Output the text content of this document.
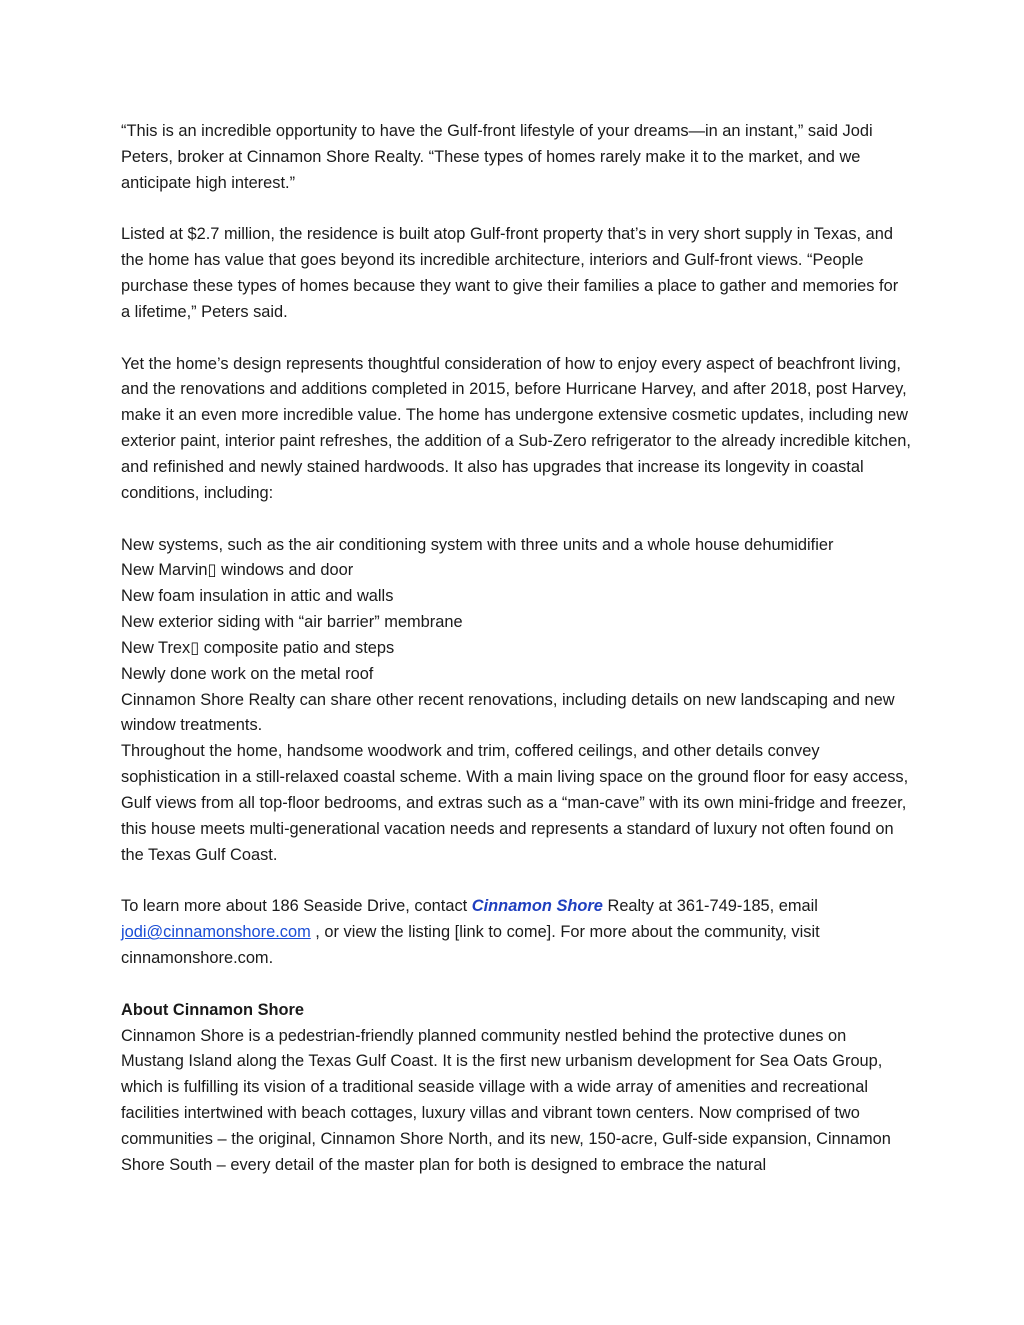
“This is an incredible opportunity to have the Gulf-front lifestyle of your dreams—in an instant,” said Jodi Peters, broker at Cinnamon Shore Realty. “These types of homes rarely make it to the market, and we anticipate high interest.”

Listed at $2.7 million, the residence is built atop Gulf-front property that’s in very short supply in Texas, and the home has value that goes beyond its incredible architecture, interiors and Gulf-front views. “People purchase these types of homes because they want to give their families a place to gather and memories for a lifetime,” Peters said.

Yet the home’s design represents thoughtful consideration of how to enjoy every aspect of beachfront living, and the renovations and additions completed in 2015, before Hurricane Harvey, and after 2018, post Harvey, make it an even more incredible value. The home has undergone extensive cosmetic updates, including new exterior paint, interior paint refreshes, the addition of a Sub-Zero refrigerator to the already incredible kitchen, and refinished and newly stained hardwoods. It also has upgrades that increase its longevity in coastal conditions, including:

New systems, such as the air conditioning system with three units and a whole house dehumidifier

New Marvin▯ windows and door

New foam insulation in attic and walls

New exterior siding with “air barrier” membrane

New Trex▯ composite patio and steps

Newly done work on the metal roof

Cinnamon Shore Realty can share other recent renovations, including details on new landscaping and new window treatments.

Throughout the home, handsome woodwork and trim, coffered ceilings, and other details convey sophistication in a still-relaxed coastal scheme. With a main living space on the ground floor for easy access, Gulf views from all top-floor bedrooms, and extras such as a “man-cave” with its own mini-fridge and freezer, this house meets multi-generational vacation needs and represents a standard of luxury not often found on the Texas Gulf Coast.

To learn more about 186 Seaside Drive, contact Cinnamon Shore Realty at 361-749-185, email jodi@cinnamonshore.com , or view the listing [link to come]. For more about the community, visit cinnamonshore.com.

About Cinnamon Shore

Cinnamon Shore is a pedestrian-friendly planned community nestled behind the protective dunes on Mustang Island along the Texas Gulf Coast. It is the first new urbanism development for Sea Oats Group, which is fulfilling its vision of a traditional seaside village with a wide array of amenities and recreational facilities intertwined with beach cottages, luxury villas and vibrant town centers. Now comprised of two communities – the original, Cinnamon Shore North, and its new, 150-acre, Gulf-side expansion, Cinnamon Shore South – every detail of the master plan for both is designed to embrace the natural
